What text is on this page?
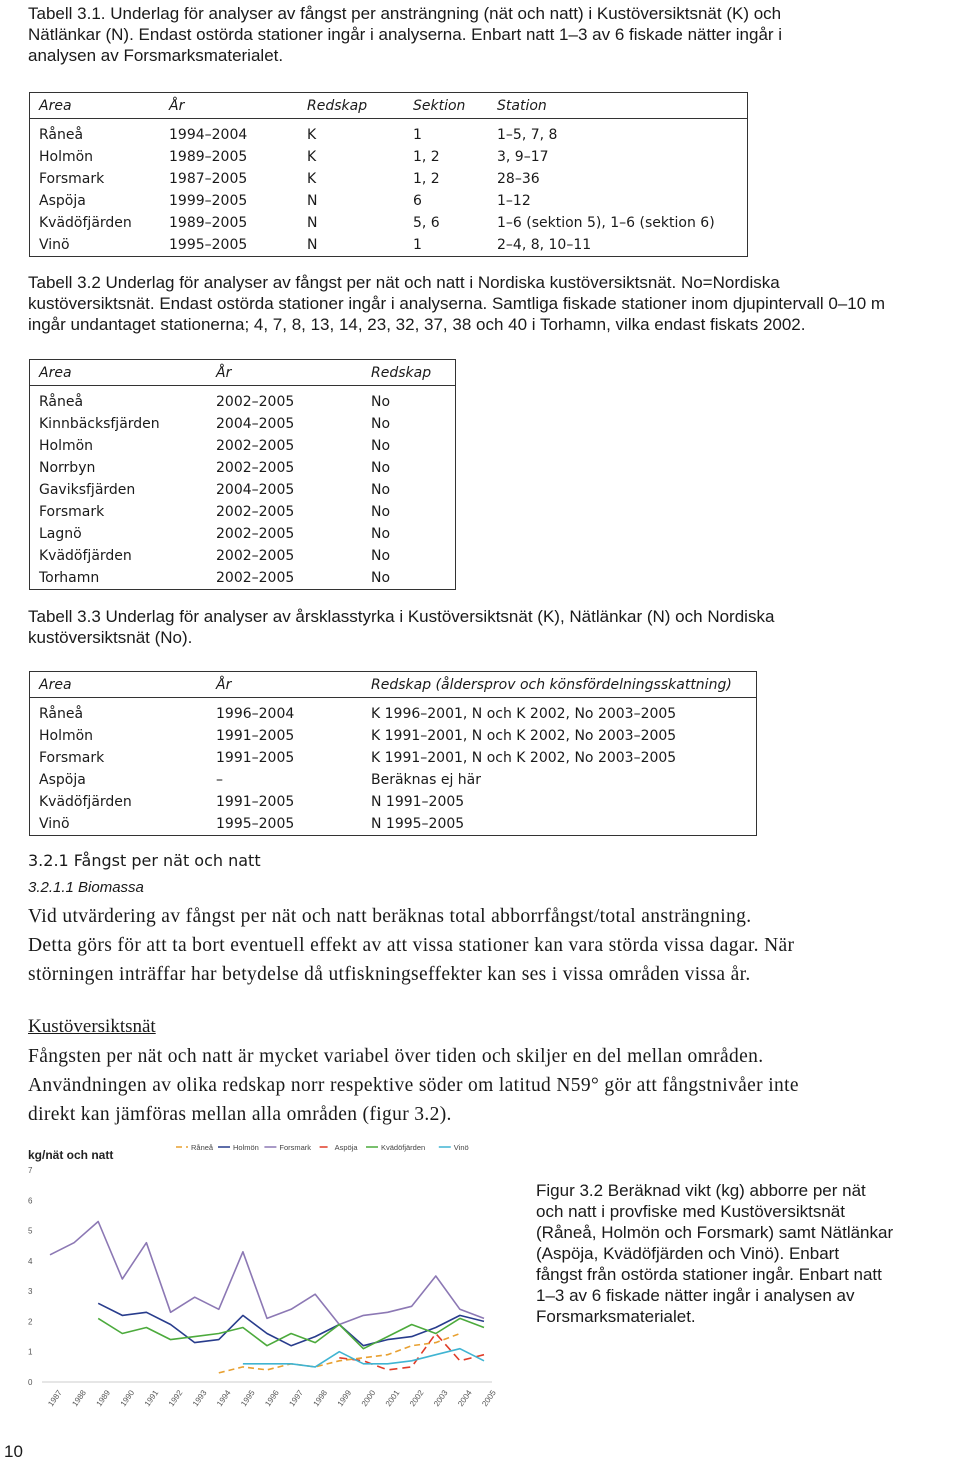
Tabell 3.1. Underlag för analyser av fångst per ansträngning (nät och natt) i Kustöversiktsnät (K) och
Nätlänkar (N). Endast ostörda stationer ingår i analyserna. Enbart natt 1–3 av 6 fiskade nätter ingår i
analysen av Forsmarksmaterialet.
Area	År	Redskap	Sektion	Station
Råneå	1994–2004	K	1	1–5, 7, 8
Holmön	1989–2005	K	1, 2	3, 9–17
Forsmark	1987–2005	K	1, 2	28–36
Aspöja	1999–2005	N	6	1–12
Kvädöfjärden	1989–2005	N	5, 6	1–6 (sektion 5), 1–6 (sektion 6)
Vinö	1995–2005	N	1	2–4, 8, 10–11
Tabell 3.2 Underlag för analyser av fångst per nät och natt i Nordiska kustöversiktsnät. No=Nordiska
kustöversiktsnät. Endast ostörda stationer ingår i analyserna. Samtliga fiskade stationer inom djupintervall 0–10 m
ingår undantaget stationerna; 4, 7, 8, 13, 14, 23, 32, 37, 38 och 40 i Torhamn, vilka endast fiskats 2002.
Area	År	Redskap
Råneå	2002–2005	No
Kinnbäcksfjärden	2004–2005	No
Holmön	2002–2005	No
Norrbyn	2002–2005	No
Gaviksfjärden	2004–2005	No
Forsmark	2002–2005	No
Lagnö	2002–2005	No
Kvädöfjärden	2002–2005	No
Torhamn	2002–2005	No
Tabell 3.3 Underlag för analyser av årsklasstyrka i Kustöversiktsnät (K), Nätlänkar (N) och Nordiska
kustöversiktsnät (No).
Area	År	Redskap (åldersprov och könsfördelningsskattning)
Råneå	1996–2004	K 1996–2001, N och K 2002, No 2003–2005
Holmön	1991–2005	K 1991–2001, N och K 2002, No 2003–2005
Forsmark	1991–2005	K 1991–2001, N och K 2002, No 2003–2005
Aspöja	–	Beräknas ej här
Kvädöfjärden	1991–2005	N 1991–2005
Vinö	1995–2005	N 1995–2005
3.2.1 Fångst per nät och natt
3.2.1.1 Biomassa
Vid utvärdering av fångst per nät och natt beräknas total abborrfångst/total ansträngning.
Detta görs för att ta bort eventuell effekt av att vissa stationer kan vara störda vissa dagar. När
störningen inträffar har betydelse då utfiskningseffekter kan ses i vissa områden vissa år.
Kustöversiktsnät
Fångsten per nät och natt är mycket variabel över tiden och skiljer en del mellan områden.
Användningen av olika redskap norr respektive söder om latitud N59° gör att fångstnivåer inte
direkt kan jämföras mellan alla områden (figur 3.2).
kg/nät och natt
Råneå	Holmön	Forsmark	Aspöja	Kvädöfjärden	Vinö
0
1
2
3
4
5
6
7
1987 1988 1989 1990 1991 1992 1993 1994 1995 1996 1997 1998 1999 2000 2001 2002 2003 2004 2005
Figur 3.2 Beräknad vikt (kg) abborre per nät
och natt i provfiske med Kustöversiktsnät
(Råneå, Holmön och Forsmark) samt Nätlänkar
(Aspöja, Kvädöfjärden och Vinö). Enbart
fångst från ostörda stationer ingår. Enbart natt
1–3 av 6 fiskade nätter ingår i analysen av
Forsmarksmaterialet.
10
